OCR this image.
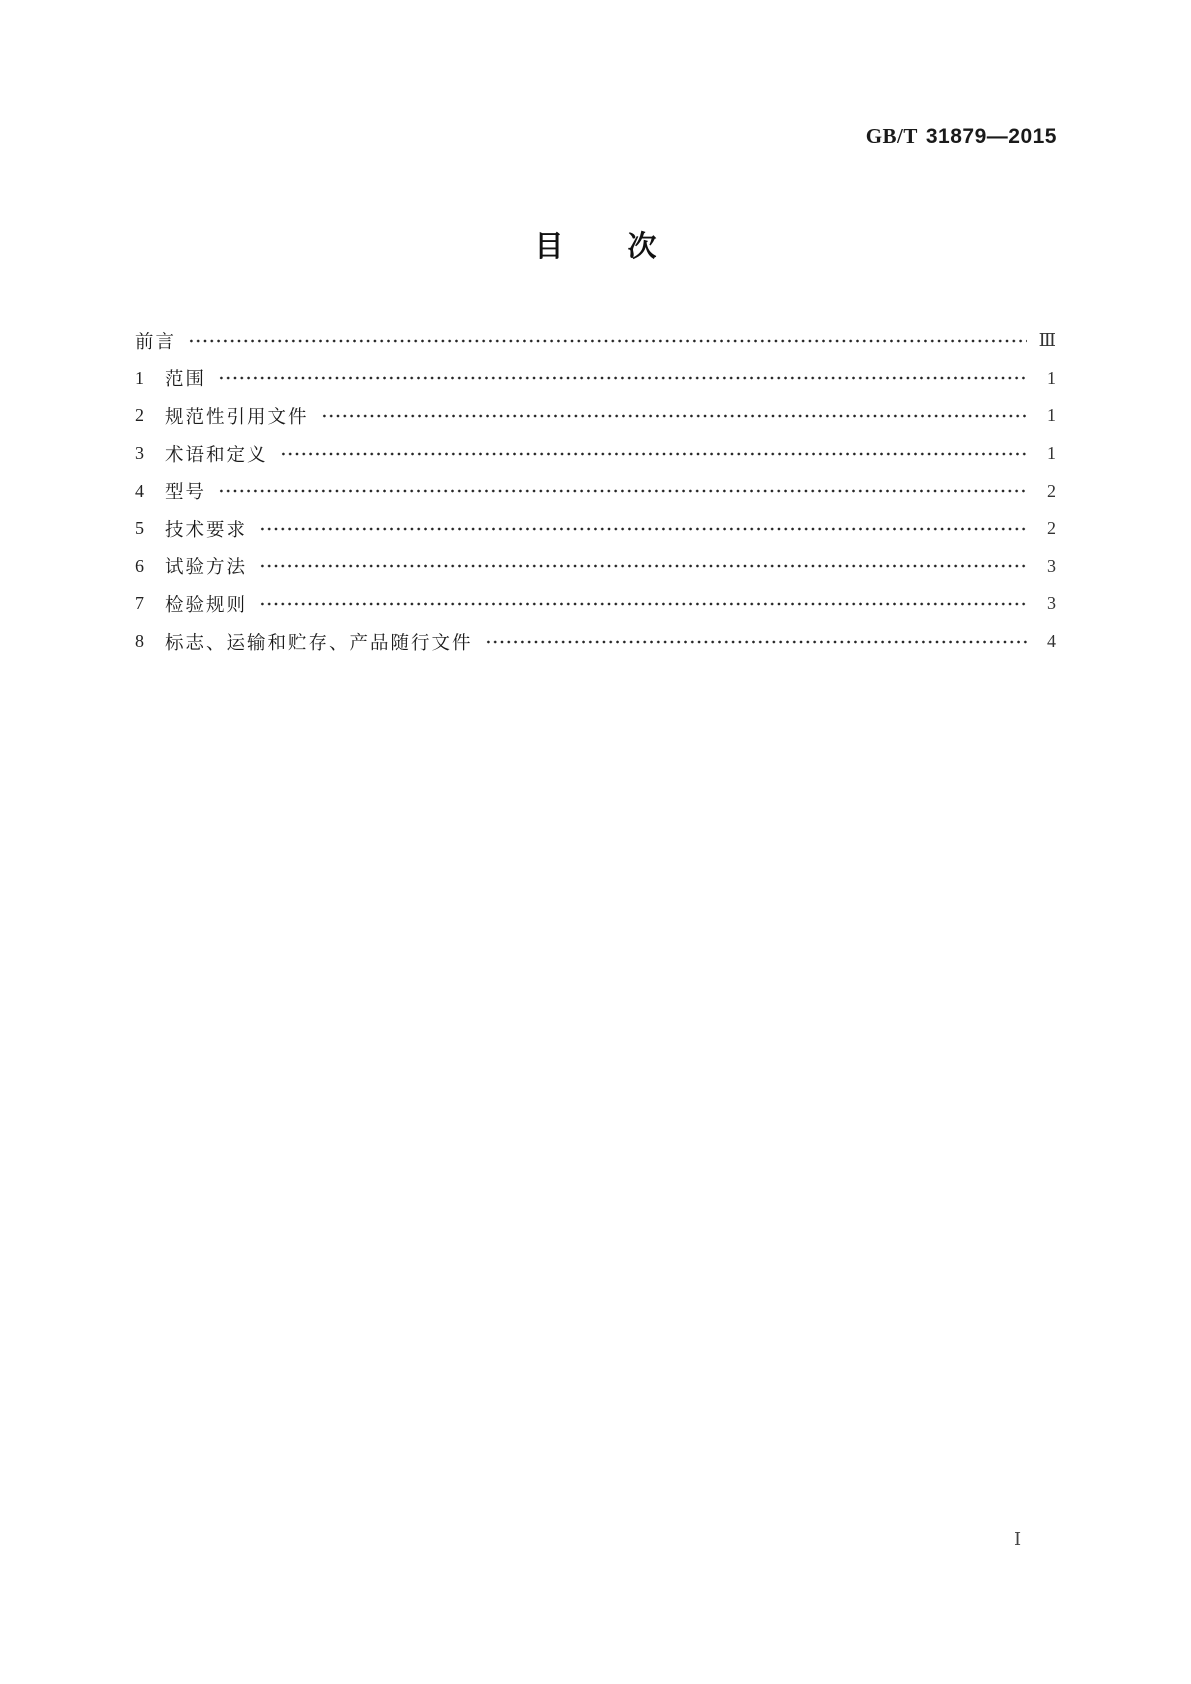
GB/T 31879—2015
目 次
前言	Ⅲ
1	范围	1
2	规范性引用文件	1
3	术语和定义	1
4	型号	2
5	技术要求	2
6	试验方法	3
7	检验规则	3
8	标志、运输和贮存、产品随行文件	4
Ⅰ
